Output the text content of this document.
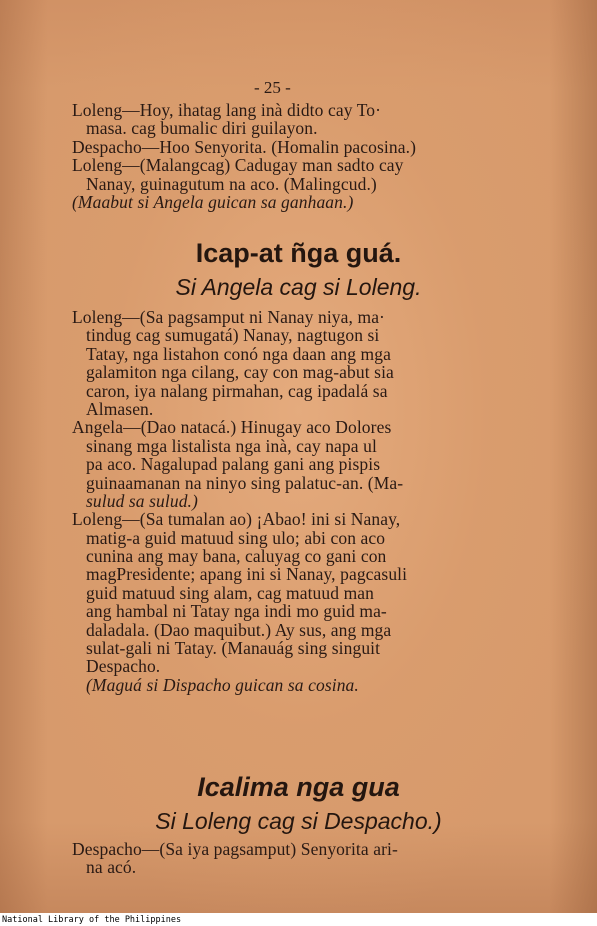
- 25 -
Loleng—Hoy, ihatag lang inà didto cay To·
masa. cag bumalic diri guilayon.
Despacho—Hoo Senyorita. (Homalin pacosina.)
Loleng—(Malangcag) Cadugay man sadto cay
Nanay, guinagutum na aco. (Malingcud.)
(Maabut si Angela guican sa ganhaan.)
Icap-at ñga guá.
Si Angela cag si Loleng.
Loleng—(Sa pagsamput ni Nanay niya, ma·
tindug cag sumugatá) Nanay, nagtugon si
Tatay, nga listahon conó nga daan ang mga
galamiton nga cilang, cay con mag-abut sia
caron, iya nalang pirmahan, cag ipadalá sa
Almasen.
Angela—(Dao natacá.) Hinugay aco Dolores
sinang mga listalista nga inà, cay napa ul
pa aco. Nagalupad palang gani ang pispis
guinaamanan na ninyo sing palatuc-an. (Ma-
sulud sa sulud.)
Loleng—(Sa tumalan ao) ¡Abao! ini si Nanay,
matig-a guid matuud sing ulo; abi con aco
cunina ang may bana, caluyag co gani con
magPresidente; apang ini si Nanay, pagcasuli
guid matuud sing alam, cag matuud man
ang hambal ni Tatay nga indi mo guid ma-
daladala. (Dao maquibut.) Ay sus, ang mga
sulat-gali ni Tatay. (Manauág sing singuit
Despacho.
(Maguá si Dispacho guican sa cosina.
Icalima nga gua
Si Loleng cag si Despacho.)
Despacho—(Sa iya pagsamput) Senyorita ari-
na acó.
National Library of the Philippines
